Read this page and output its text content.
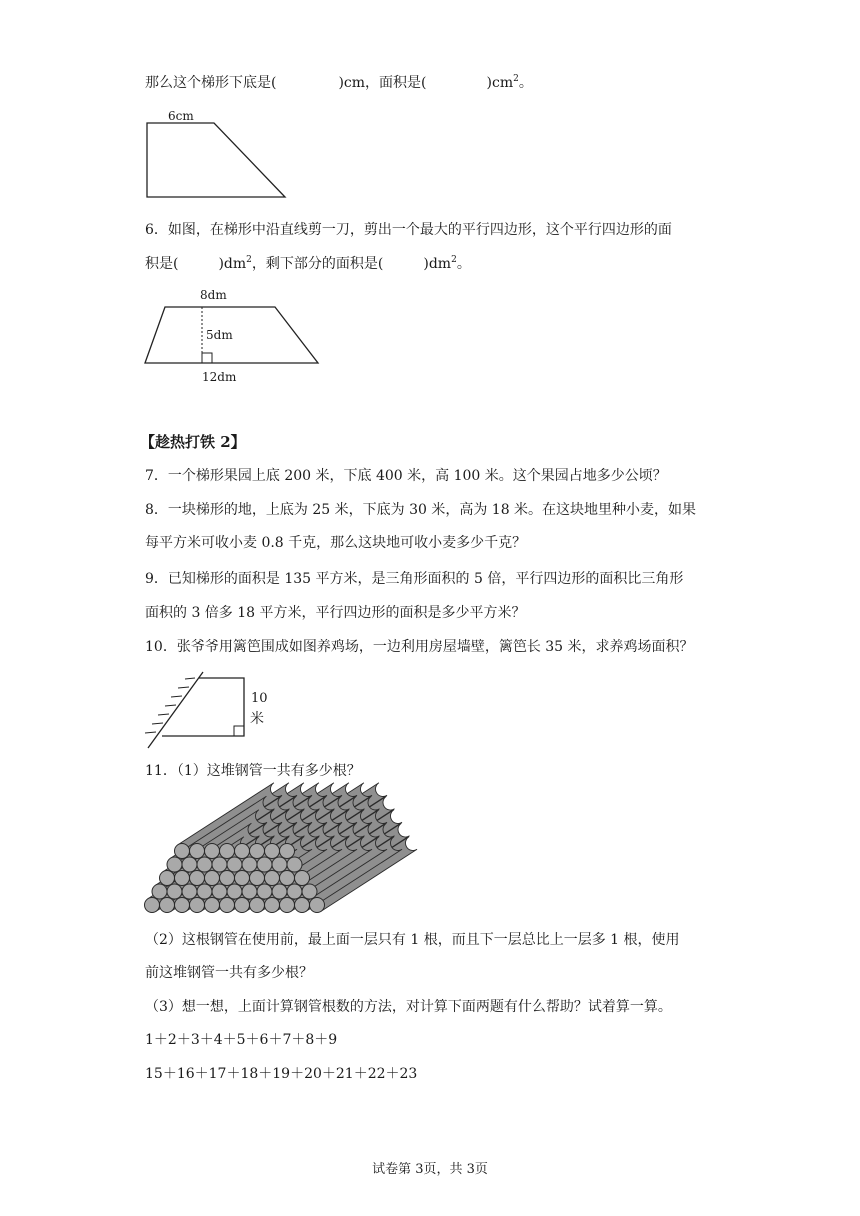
那么这个梯形下底是(	)cm，面积是(	)$cm^2$。
6cm
6．如图，在梯形中沿直线剪一刀，剪出一个最大的平行四边形，这个平行四边形的面
积是(	)$dm^2$，剩下部分的面积是(	)$dm^2$。
8dm
5dm
12dm
【趁热打铁 2】
7．一个梯形果园上底 200 米，下底 400 米，高 100 米。这个果园占地多少公顷？
8．一块梯形的地，上底为 25 米，下底为 30 米，高为 18 米。在这块地里种小麦，如果
每平方米可收小麦 0.8 千克，那么这块地可收小麦多少千克？
9．已知梯形的面积是 135 平方米，是三角形面积的 5 倍，平行四边形的面积比三角形
面积的 3 倍多 18 平方米，平行四边形的面积是多少平方米？
10．张爷爷用篱笆围成如图养鸡场，一边利用房屋墙壁，篱笆长 35 米，求养鸡场面积？
10
米
11．（1）这堆钢管一共有多少根？
（2）这根钢管在使用前，最上面一层只有 1 根，而且下一层总比上一层多 1 根，使用
前这堆钢管一共有多少根？
（3）想一想，上面计算钢管根数的方法，对计算下面两题有什么帮助？试着算一算。
1＋2＋3＋4＋5＋6＋7＋8＋9
15＋16＋17＋18＋19＋20＋21＋22＋23
试卷第 3页，共 3页
